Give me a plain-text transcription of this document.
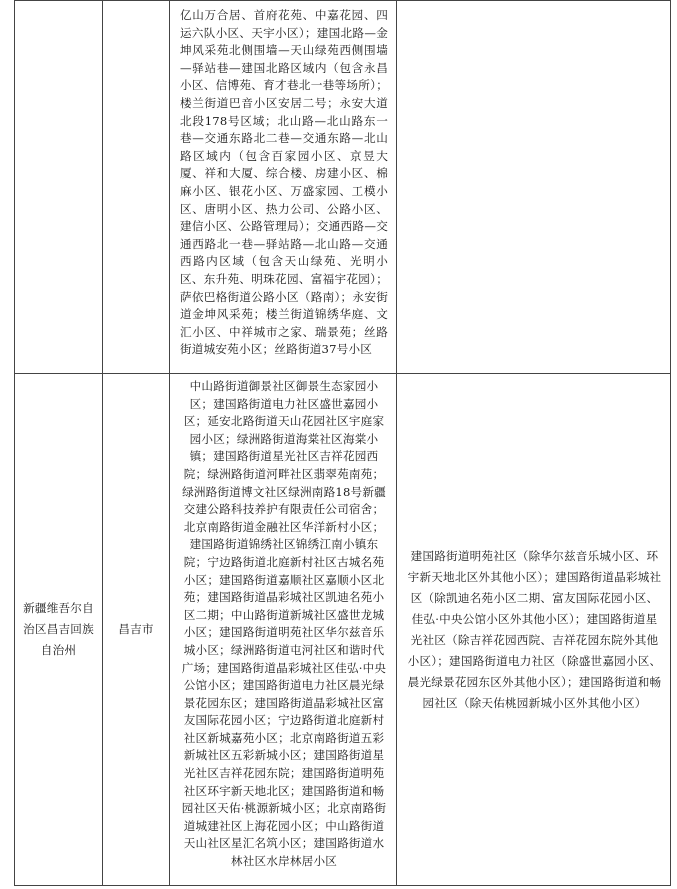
		亿山万合居、首府花苑、中嘉花园、四运六队小区、天宇小区）；建国北路—金坤风采苑北侧围墙—天山绿苑西侧围墙—驿站巷—建国北路区域内（包含永昌小区、信博苑、育才巷北一巷等场所）；楼兰街道巴音小区安居二号；永安大道北段178号区域；北山路—北山路东一巷—交通东路北二巷—交通东路—北山路区域内（包含百家园小区、京昱大厦、祥和大厦、综合楼、房建小区、棉麻小区、银花小区、万盛家园、工模小区、唐明小区、热力公司、公路小区、建信小区、公路管理局）；交通西路—交通西路北一巷—驿站路—北山路—交通西路内区域（包含天山绿苑、光明小区、东升苑、明珠花园、富福宇花园）；萨依巴格街道公路小区（路南）；永安街道金坤风采苑；楼兰街道锦绣华庭、文汇小区、中祥城市之家、瑞景苑；丝路街道城安苑小区；丝路街道37号小区	

新疆维吾尔自治区昌吉回族自治州	昌吉市	中山路街道御景社区御景生态家园小区；建国路街道电力社区盛世嘉园小区；延安北路街道天山花园社区宇庭家园小区；绿洲路街道海棠社区海棠小镇；建国路街道星光社区吉祥花园西院；绿洲路街道河畔社区翡翠苑南苑；绿洲路街道博文社区绿洲南路18号新疆交建公路科技养护有限责任公司宿舍；北京南路街道金融社区华洋新村小区；建国路街道锦绣社区锦绣江南小镇东院；宁边路街道北庭新村社区古城名苑小区；建国路街道嘉顺社区嘉顺小区北苑；建国路街道晶彩城社区凯迪名苑小区二期；中山路街道新城社区盛世龙城小区；建国路街道明苑社区华尔兹音乐城小区；绿洲路街道屯河社区和谐时代广场；建国路街道晶彩城社区佳弘·中央公馆小区；建国路街道电力社区晨光绿景花园东区；建国路街道晶彩城社区富友国际花园小区；宁边路街道北庭新村社区新城嘉苑小区；北京南路街道五彩新城社区五彩新城小区；建国路街道星光社区吉祥花园东院；建国路街道明苑社区环宇新天地北区；建国路街道和畅园社区天佑·桃源新城小区；北京南路街道城建社区上海花园小区；中山路街道天山社区星汇名筑小区；建国路街道水林社区水岸林居小区	建国路街道明苑社区（除华尔兹音乐城小区、环宇新天地北区外其他小区）；建国路街道晶彩城社区（除凯迪名苑小区二期、富友国际花园小区、佳弘·中央公馆小区外其他小区）；建国路街道星光社区（除吉祥花园西院、吉祥花园东院外其他小区）；建国路街道电力社区（除盛世嘉园小区、晨光绿景花园东区外其他小区）；建国路街道和畅园社区（除天佑桃园新城小区外其他小区）
